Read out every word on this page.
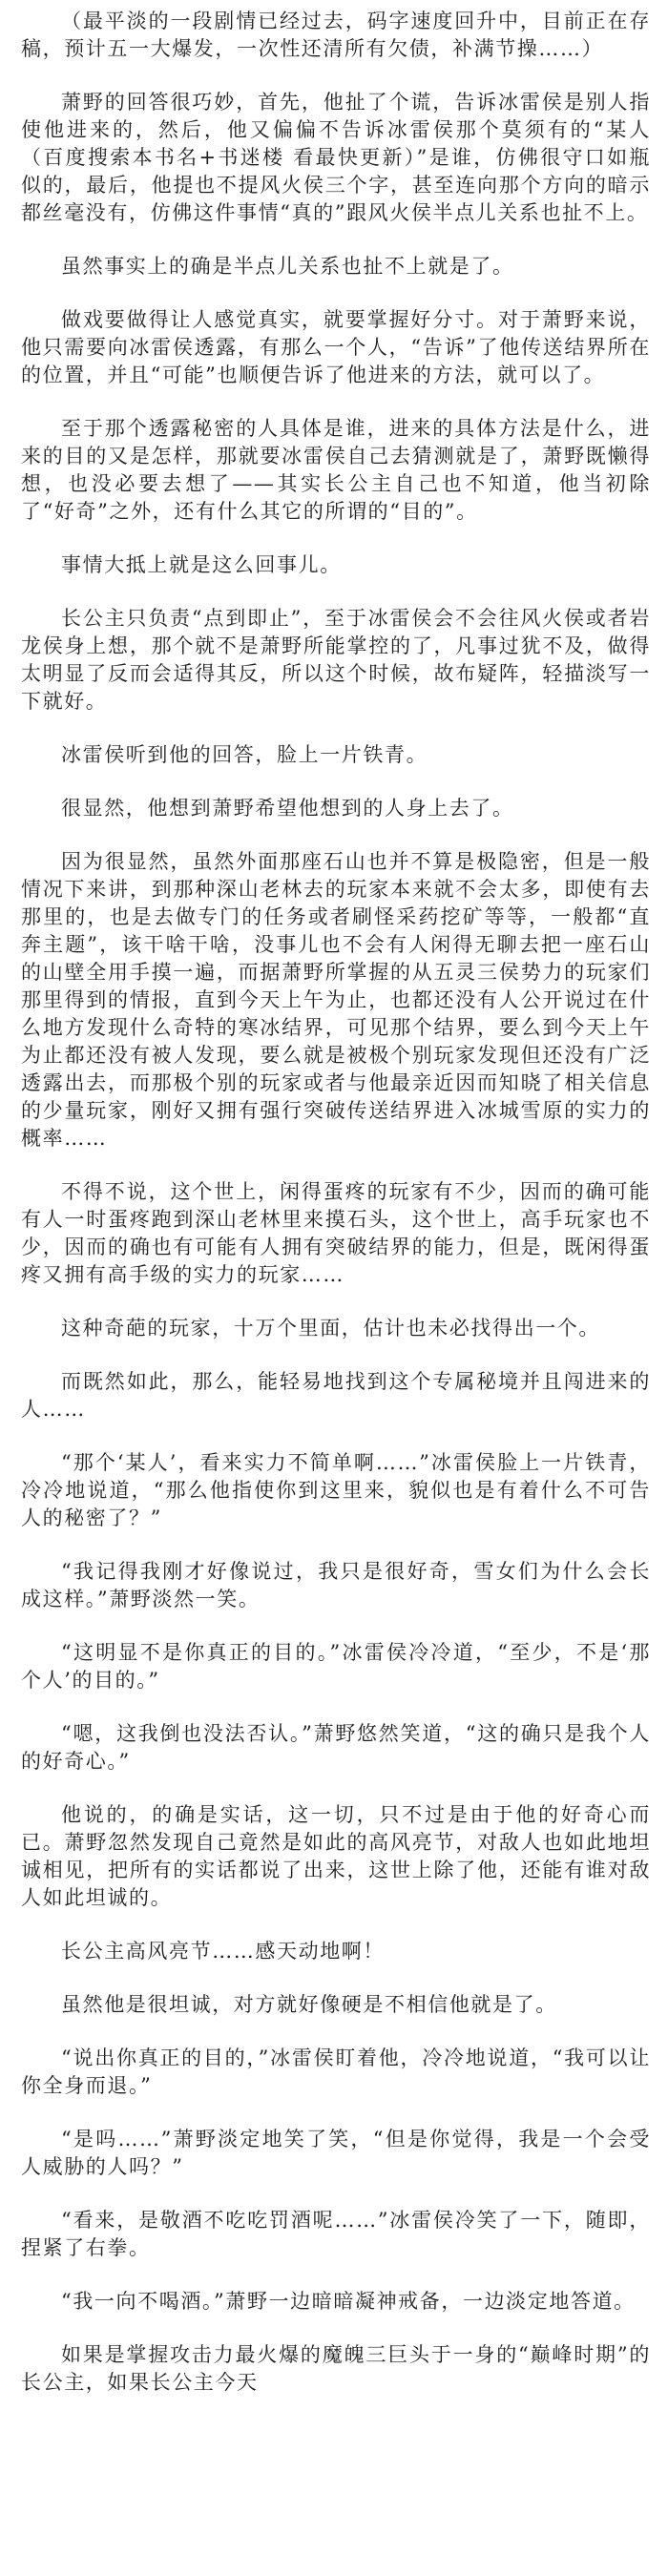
（最平淡的一段剧情已经过去，码字速度回升中，目前正在存稿，预计五一大爆发，一次性还清所有欠债，补满节操……）

萧野的回答很巧妙，首先，他扯了个谎，告诉冰雷侯是别人指使他进来的，然后，他又偏偏不告诉冰雷侯那个莫须有的“某人（百度搜索本书名+书迷楼 看最快更新）”是谁，仿佛很守口如瓶似的，最后，他提也不提风火侯三个字，甚至连向那个方向的暗示都丝毫没有，仿佛这件事情“真的”跟风火侯半点儿关系也扯不上。

虽然事实上的确是半点儿关系也扯不上就是了。

做戏要做得让人感觉真实，就要掌握好分寸。对于萧野来说，他只需要向冰雷侯透露，有那么一个人，“告诉”了他传送结界所在的位置，并且“可能”也顺便告诉了他进来的方法，就可以了。

至于那个透露秘密的人具体是谁，进来的具体方法是什么，进来的目的又是怎样，那就要冰雷侯自己去猜测就是了，萧野既懒得想，也没必要去想了——其实长公主自己也不知道，他当初除了“好奇”之外，还有什么其它的所谓的“目的”。

事情大抵上就是这么回事儿。

长公主只负责“点到即止”，至于冰雷侯会不会往风火侯或者岩龙侯身上想，那个就不是萧野所能掌控的了，凡事过犹不及，做得太明显了反而会适得其反，所以这个时候，故布疑阵，轻描淡写一下就好。

冰雷侯听到他的回答，脸上一片铁青。

很显然，他想到萧野希望他想到的人身上去了。

因为很显然，虽然外面那座石山也并不算是极隐密，但是一般情况下来讲，到那种深山老林去的玩家本来就不会太多，即使有去那里的，也是去做专门的任务或者刷怪采药挖矿等等，一般都“直奔主题”，该干啥干啥，没事儿也不会有人闲得无聊去把一座石山的山壁全用手摸一遍，而据萧野所掌握的从五灵三侯势力的玩家们那里得到的情报，直到今天上午为止，也都还没有人公开说过在什么地方发现什么奇特的寒冰结界，可见那个结界，要么到今天上午为止都还没有被人发现，要么就是被极个别玩家发现但还没有广泛透露出去，而那极个别的玩家或者与他最亲近因而知晓了相关信息的少量玩家，刚好又拥有强行突破传送结界进入冰城雪原的实力的概率……

不得不说，这个世上，闲得蛋疼的玩家有不少，因而的确可能有人一时蛋疼跑到深山老林里来摸石头，这个世上，高手玩家也不少，因而的确也有可能有人拥有突破结界的能力，但是，既闲得蛋疼又拥有高手级的实力的玩家……

这种奇葩的玩家，十万个里面，估计也未必找得出一个。

而既然如此，那么，能轻易地找到这个专属秘境并且闯进来的人……

“那个‘某人’，看来实力不简单啊……”冰雷侯脸上一片铁青，冷冷地说道，“那么他指使你到这里来，貌似也是有着什么不可告人的秘密了？”

“我记得我刚才好像说过，我只是很好奇，雪女们为什么会长成这样。”萧野淡然一笑。

“这明显不是你真正的目的。”冰雷侯冷冷道，“至少，不是‘那个人’的目的。”

“嗯，这我倒也没法否认。”萧野悠然笑道，“这的确只是我个人的好奇心。”

他说的，的确是实话，这一切，只不过是由于他的好奇心而已。萧野忽然发现自己竟然是如此的高风亮节，对敌人也如此地坦诚相见，把所有的实话都说了出来，这世上除了他，还能有谁对敌人如此坦诚的。

长公主高风亮节……感天动地啊！

虽然他是很坦诚，对方就好像硬是不相信他就是了。

“说出你真正的目的，”冰雷侯盯着他，冷冷地说道，“我可以让你全身而退。”

“是吗……”萧野淡定地笑了笑，“但是你觉得，我是一个会受人威胁的人吗？”

“看来，是敬酒不吃吃罚酒呢……”冰雷侯冷笑了一下，随即，捏紧了右拳。

“我一向不喝酒。”萧野一边暗暗凝神戒备，一边淡定地答道。

如果是掌握攻击力最火爆的魔魄三巨头于一身的“巅峰时期”的长公主，如果长公主今天
